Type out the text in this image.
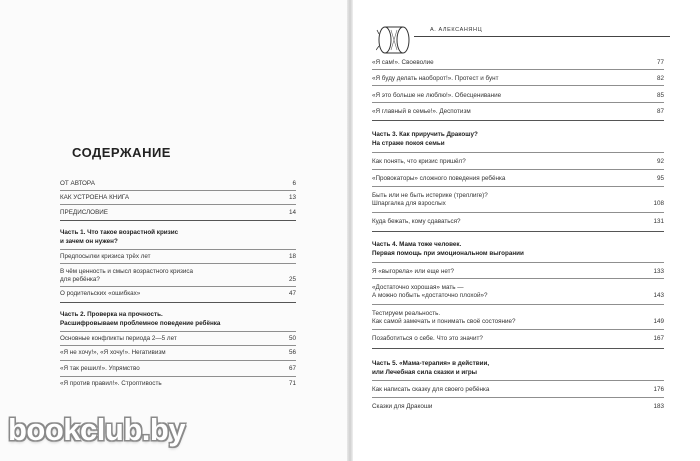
А. АЛЕКСАНЯНЦ
СОДЕРЖАНИЕ
ОТ АВТОРА	6
КАК УСТРОЕНА КНИГА	13
ПРЕДИСЛОВИЕ	14
Часть 1. Что такое возрастной кризис
и зачем он нужен?
Предпосылки кризиса трёх лет	18
В чём ценность и смысл возрастного кризиса
для ребёнка?	25
О родительских «ошибках»	47
Часть 2. Проверка на прочность.
Расшифровываем проблемное поведение ребёнка
Основные конфликты периода 2—5 лет	50
«Я не хочу!», «Я хочу!». Негативизм	56
«Я так решил!». Упрямство	67
«Я против правил!». Строптивость	71
«Я сам!». Своеволие	77
«Я буду делать наоборот!». Протест и бунт	82
«Я это больше не люблю!». Обесценивание	85
«Я главный в семье!». Деспотизм	87
Часть 3. Как приручить Дракошу?
На страже покоя семьи
Как понять, что кризис пришёл?	92
«Провокаторы» сложного поведения ребёнка	95
Быть или не быть истерике (треллиге)?
Шпаргалка для взрослых	108
Куда бежать, кому сдаваться?	131
Часть 4. Мама тоже человек.
Первая помощь при эмоциональном выгорании
Я «выгорела» или еще нет?	133
«Достаточно хорошая» мать —
А можно побыть «достаточно плохой»?	143
Тестируем реальность.
Как самой замечать и понимать своё состояние?	149
Позаботиться о себе. Что это значит?	167
Часть 5. «Мама-терапия» в действии,
или Лечебная сила сказки и игры
Как написать сказку для своего ребёнка	176
Сказки для Дракоши	183
bookclub.by
